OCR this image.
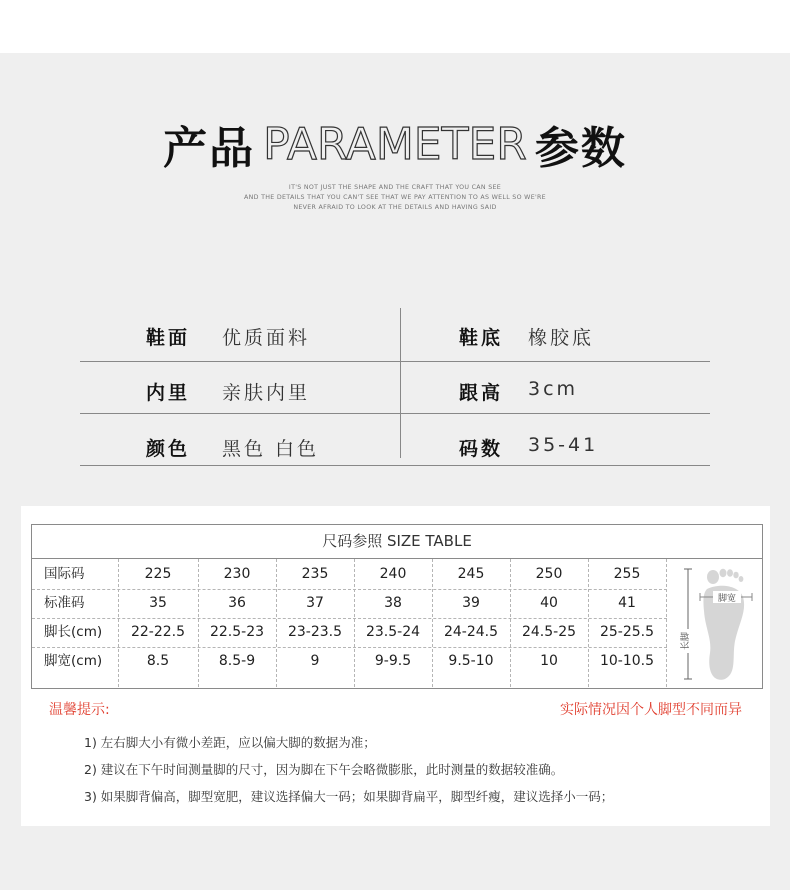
产品 PARAMETER 参数
IT'S NOT JUST THE SHAPE AND THE CRAFT THAT YOU CAN SEE
AND THE DETAILS THAT YOU CAN'T SEE THAT WE PAY ATTENTION TO AS WELL SO WE'RE
NEVER AFRAID TO LOOK AT THE DETAILS AND HAVING SAID
鞋面 优质面料	鞋底 橡胶底
内里 亲肤内里	跟高 3cm
颜色 黑色 白色	码数 35-41
尺码参照 SIZE TABLE
国际码	225	230	235	240	245	250	255
标准码	35	36	37	38	39	40	41
脚长(cm)	22-22.5	22.5-23	23-23.5	23.5-24	24-24.5	24.5-25	25-25.5
脚宽(cm)	8.5	8.5-9	9	9-9.5	9.5-10	10	10-10.5
脚宽
长脚
温馨提示:	实际情况因个人脚型不同而异
1) 左右脚大小有微小差距，应以偏大脚的数据为准；
2) 建议在下午时间测量脚的尺寸，因为脚在下午会略微膨胀，此时测量的数据较准确。
3) 如果脚背偏高，脚型宽肥，建议选择偏大一码；如果脚背扁平，脚型纤瘦，建议选择小一码；
